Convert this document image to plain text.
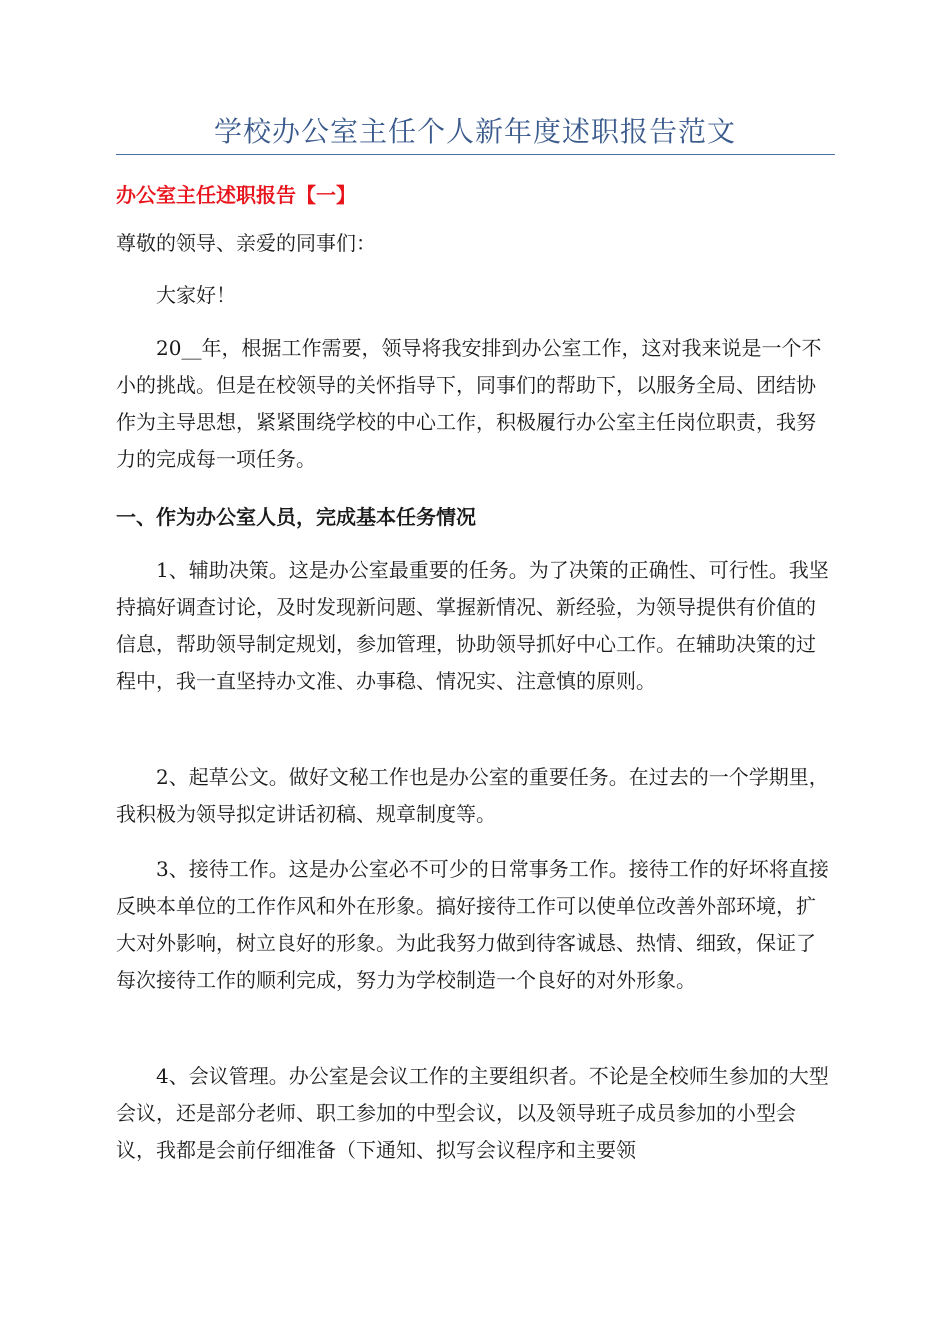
学校办公室主任个人新年度述职报告范文
办公室主任述职报告【一】

尊敬的领导、亲爱的同事们：

大家好！

20__年，根据工作需要，领导将我安排到办公室工作，这对我来说是一个不小的挑战。但是在校领导的关怀指导下，同事们的帮助下，以服务全局、团结协作为主导思想，紧紧围绕学校的中心工作，积极履行办公室主任岗位职责，我努力的完成每一项任务。

一、作为办公室人员，完成基本任务情况

1、辅助决策。这是办公室最重要的任务。为了决策的正确性、可行性。我坚持搞好调查讨论，及时发现新问题、掌握新情况、新经验，为领导提供有价值的信息，帮助领导制定规划，参加管理，协助领导抓好中心工作。在辅助决策的过程中，我一直坚持办文准、办事稳、情况实、注意慎的原则。

2、起草公文。做好文秘工作也是办公室的重要任务。在过去的一个学期里，我积极为领导拟定讲话初稿、规章制度等。

3、接待工作。这是办公室必不可少的日常事务工作。接待工作的好坏将直接反映本单位的工作作风和外在形象。搞好接待工作可以使单位改善外部环境，扩大对外影响，树立良好的形象。为此我努力做到待客诚恳、热情、细致，保证了每次接待工作的顺利完成，努力为学校制造一个良好的对外形象。

4、会议管理。办公室是会议工作的主要组织者。不论是全校师生参加的大型会议，还是部分老师、职工参加的中型会议，以及领导班子成员参加的小型会议，我都是会前仔细准备（下通知、拟写会议程序和主要领
